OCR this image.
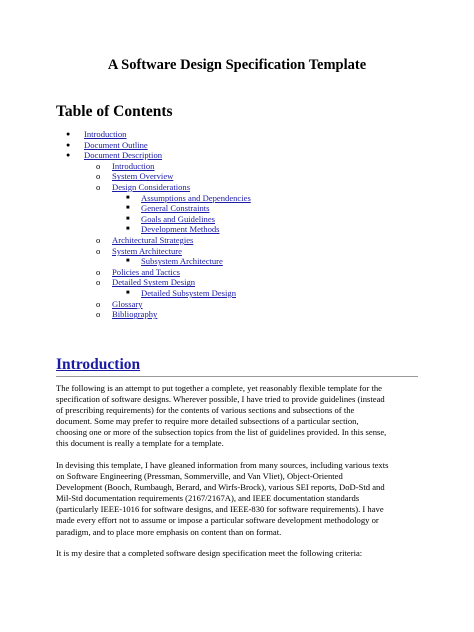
A Software Design Specification Template
Table of Contents
● Introduction
● Document Outline
● Document Description
o Introduction
o System Overview
o Design Considerations
■ Assumptions and Dependencies
■ General Constraints
■ Goals and Guidelines
■ Development Methods
o Architectural Strategies
o System Architecture
■ Subsystem Architecture
o Policies and Tactics
o Detailed System Design
■ Detailed Subsystem Design
o Glossary
o Bibliography
Introduction
The following is an attempt to put together a complete, yet reasonably flexible template for the
specification of software designs. Wherever possible, I have tried to provide guidelines (instead
of prescribing requirements) for the contents of various sections and subsections of the
document. Some may prefer to require more detailed subsections of a particular section,
choosing one or more of the subsection topics from the list of guidelines provided. In this sense,
this document is really a template for a template.
In devising this template, I have gleaned information from many sources, including various texts
on Software Engineering (Pressman, Sommerville, and Van Vliet), Object-Oriented
Development (Booch, Rumbaugh, Berard, and Wirfs-Brock), various SEI reports, DoD-Std and
Mil-Std documentation requirements (2167/2167A), and IEEE documentation standards
(particularly IEEE-1016 for software designs, and IEEE-830 for software requirements). I have
made every effort not to assume or impose a particular software development methodology or
paradigm, and to place more emphasis on content than on format.
It is my desire that a completed software design specification meet the following criteria:
